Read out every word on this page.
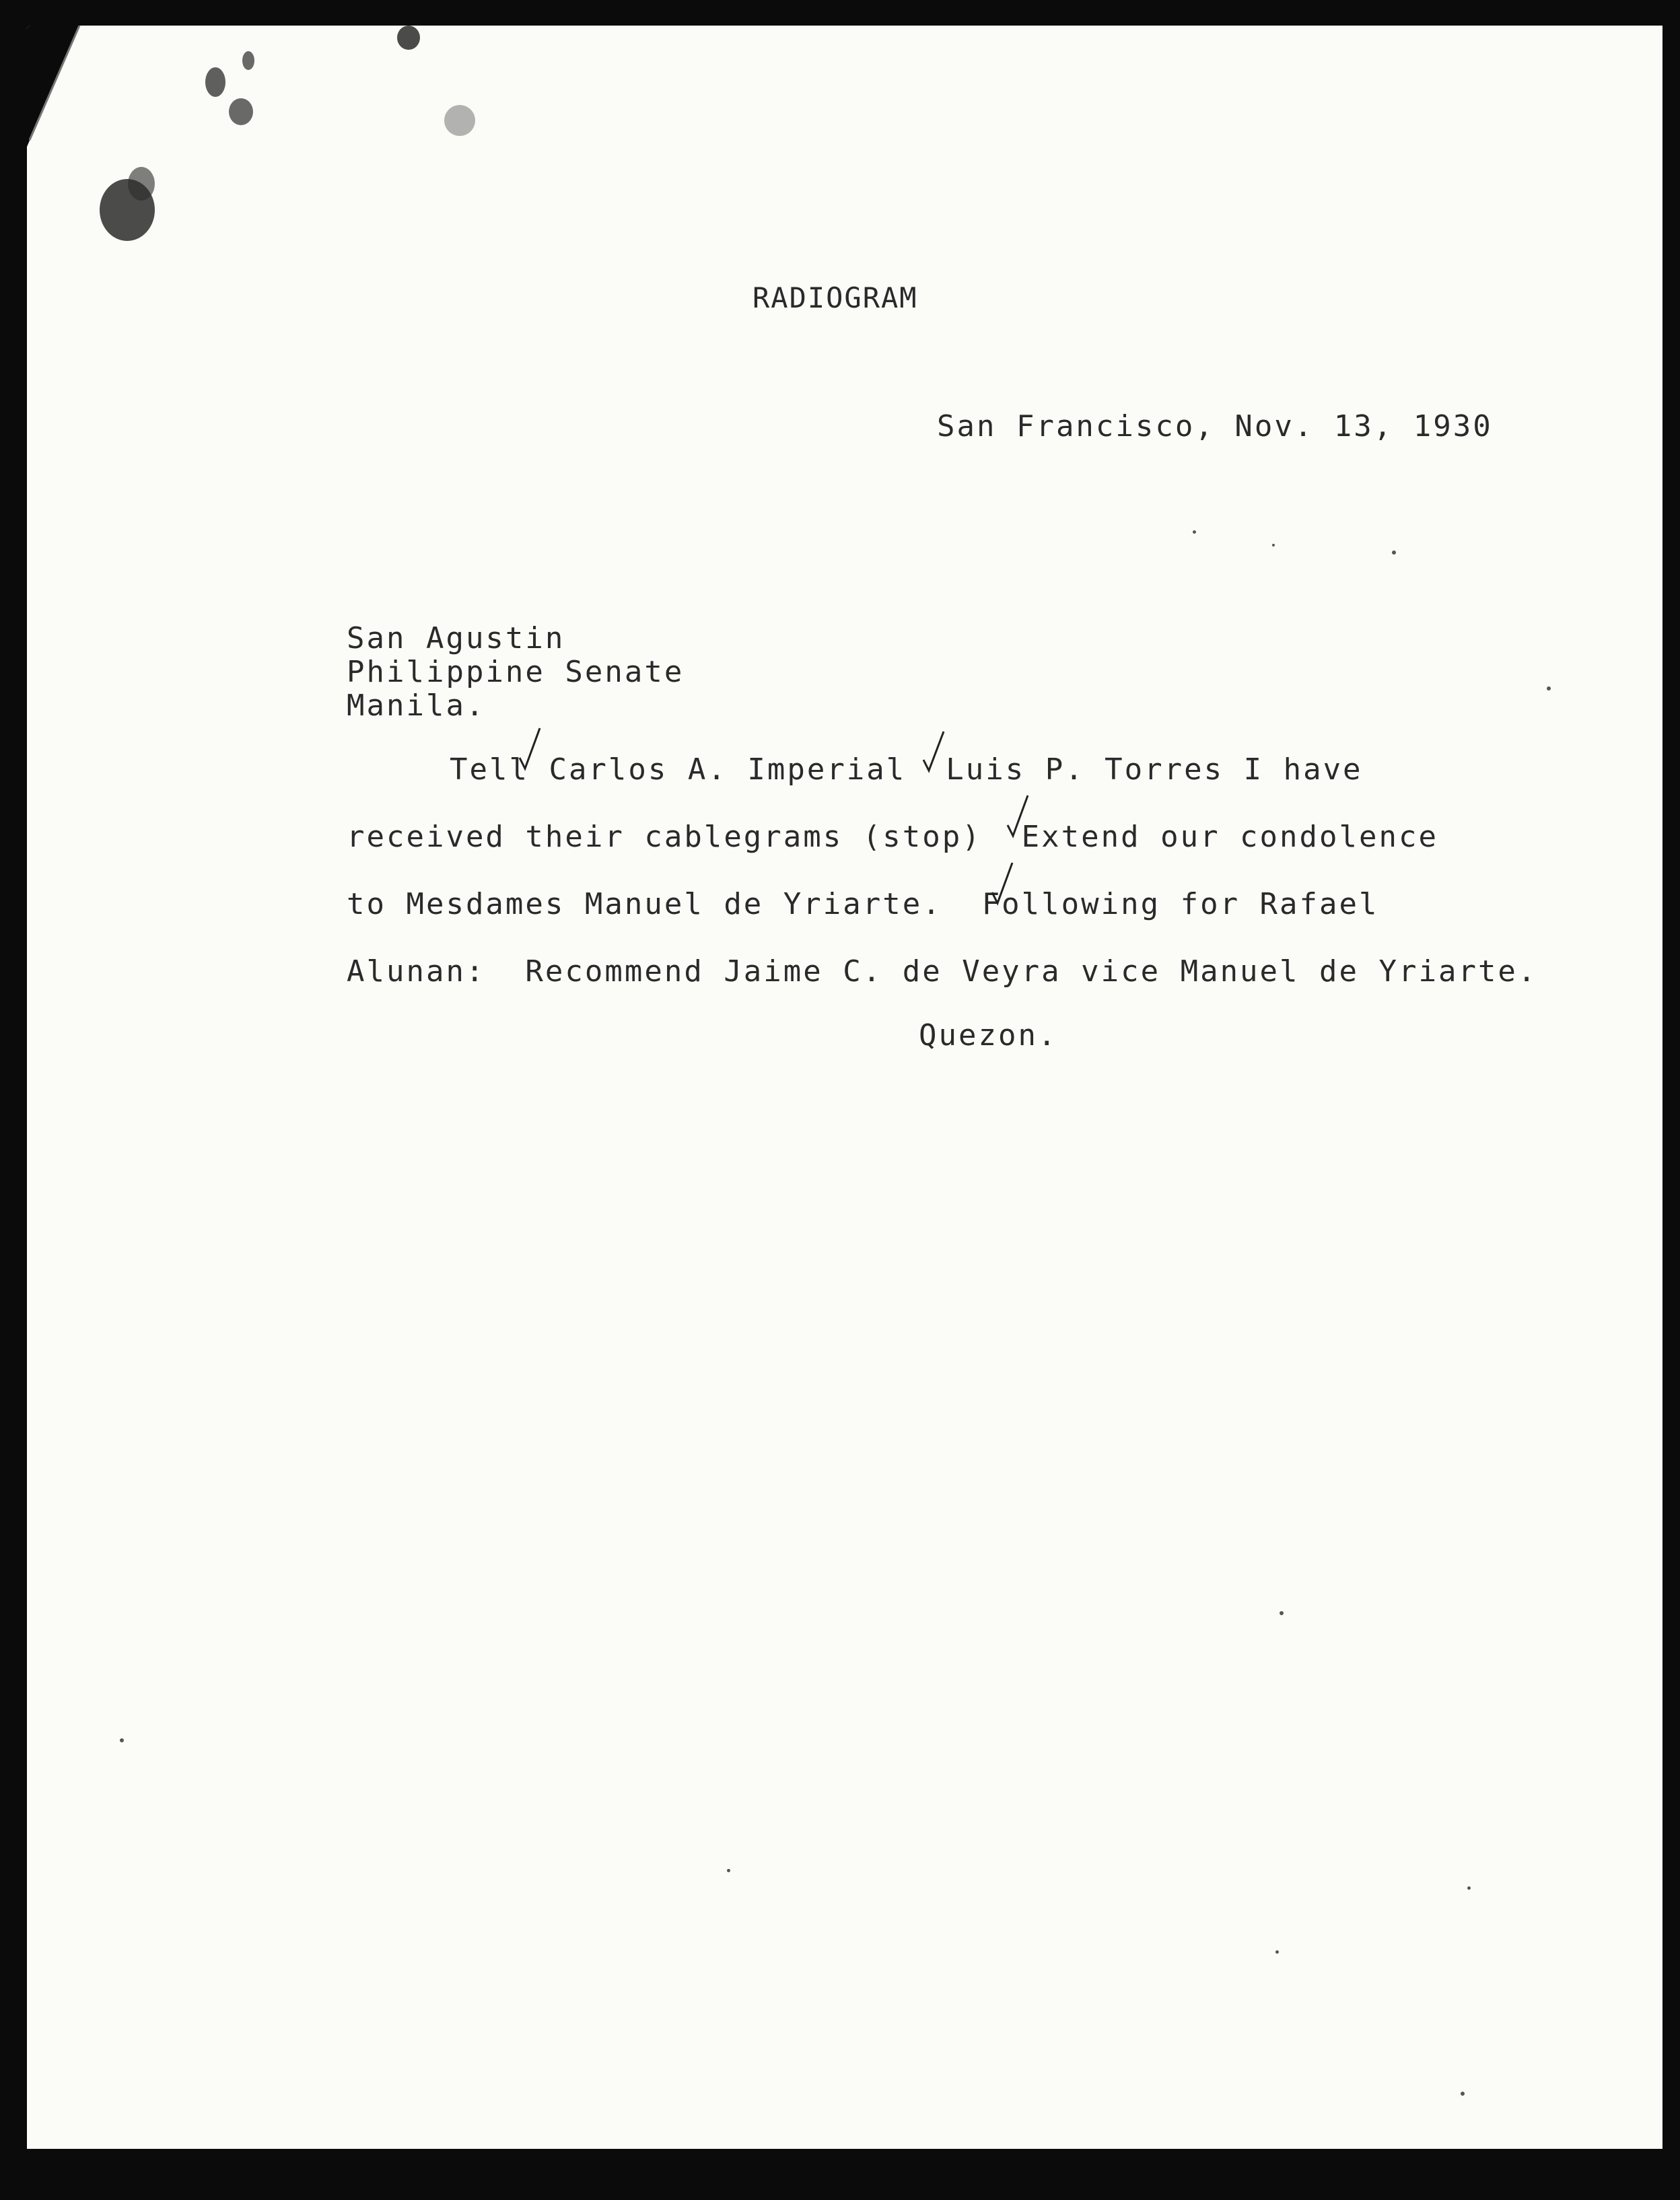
RADIOGRAM
San Francisco, Nov. 13, 1930
San Agustin
Philippine Senate
Manila.
Tell Carlos A. Imperial  Luis P. Torres I have
received their cablegrams (stop)  Extend our condolence
to Mesdames Manuel de Yriarte.  Following for Rafael
Alunan:  Recommend Jaime C. de Veyra vice Manuel de Yriarte.
Quezon.
